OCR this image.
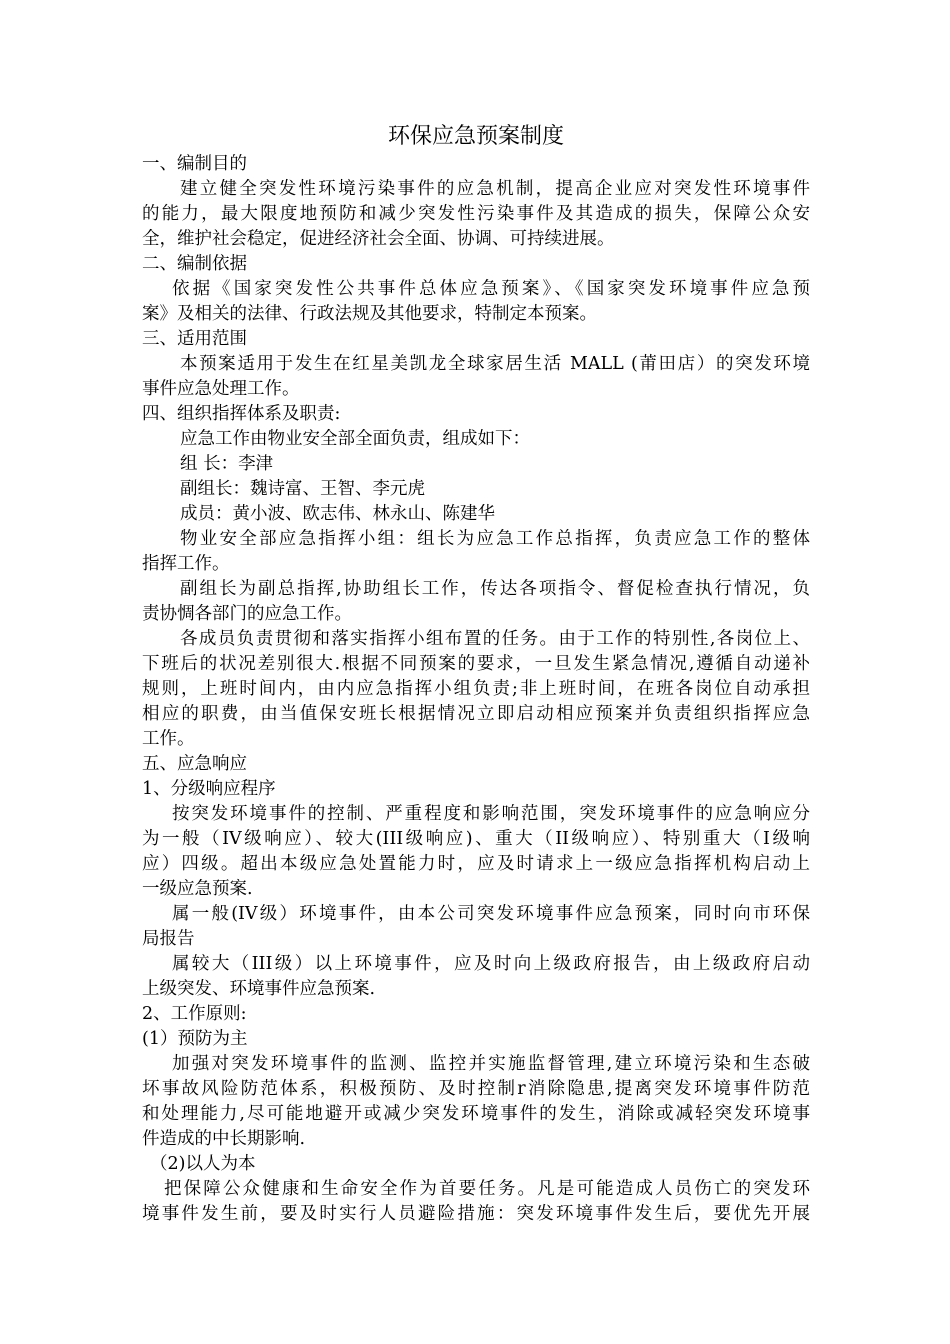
环保应急预案制度

一、编制目的

建立健全突发性环境污染事件的应急机制，提高企业应对突发性环境事件

的能力，最大限度地预防和减少突发性污染事件及其造成的损失，保障公众安

全，维护社会稳定，促进经济社会全面、协调、可持续进展。

二、编制依据

依据《国家突发性公共事件总体应急预案》、《国家突发环境事件应急预

案》及相关的法律、行政法规及其他要求，特制定本预案。

三、适用范围

本预案适用于发生在红星美凯龙全球家居生活 MALL (莆田店）的突发环境

事件应急处理工作。

四、组织指挥体系及职责:

应急工作由物业安全部全面负责，组成如下：

组 长：李津

副组长：魏诗富、王智、李元虎

成员：黄小波、欧志伟、林永山、陈建华

物业安全部应急指挥小组：组长为应急工作总指挥，负责应急工作的整体

指挥工作。

副组长为副总指挥,协助组长工作，传达各项指令、督促检查执行情况，负

责协惆各部门的应急工作。

各成员负责贯彻和落实指挥小组布置的任务。由于工作的特别性,各岗位上、

下班后的状况差别很大.根据不同预案的要求，一旦发生紧急情况,遵循自动递补

规则，上班时间内，由内应急指挥小组负责;非上班时间，在班各岗位自动承担

相应的职费，由当值保安班长根据情况立即启动相应预案并负责组织指挥应急

工作。

五、应急响应

1、分级响应程序

按突发环境事件的控制、严重程度和影响范围，突发环境事件的应急响应分

为一般（IV级响应）、较大(III级响应)、重大（II级响应）、特别重大（I级响

应）四级。超出本级应急处置能力时，应及时请求上一级应急指挥机构启动上

一级应急预案.

属一般(IV级）环境事件，由本公司突发环境事件应急预案，同时向市环保

局报告

属较大（III级）以上环境事件，应及时向上级政府报告，由上级政府启动

上级突发、环境事件应急预案.

2、工作原则:

(1）预防为主

加强对突发环境事件的监测、监控并实施监督管理,建立环境污染和生态破

坏事故风险防范体系，积极预防、及时控制r消除隐患,提离突发环境事件防范

和处理能力,尽可能地避开或减少突发环境事件的发生，消除或减轻突发环境事

件造成的中长期影响.

（2)以人为本

把保障公众健康和生命安全作为首要任务。凡是可能造成人员伤亡的突发环

境事件发生前，要及时实行人员避险措施：突发环境事件发生后，要优先开展
